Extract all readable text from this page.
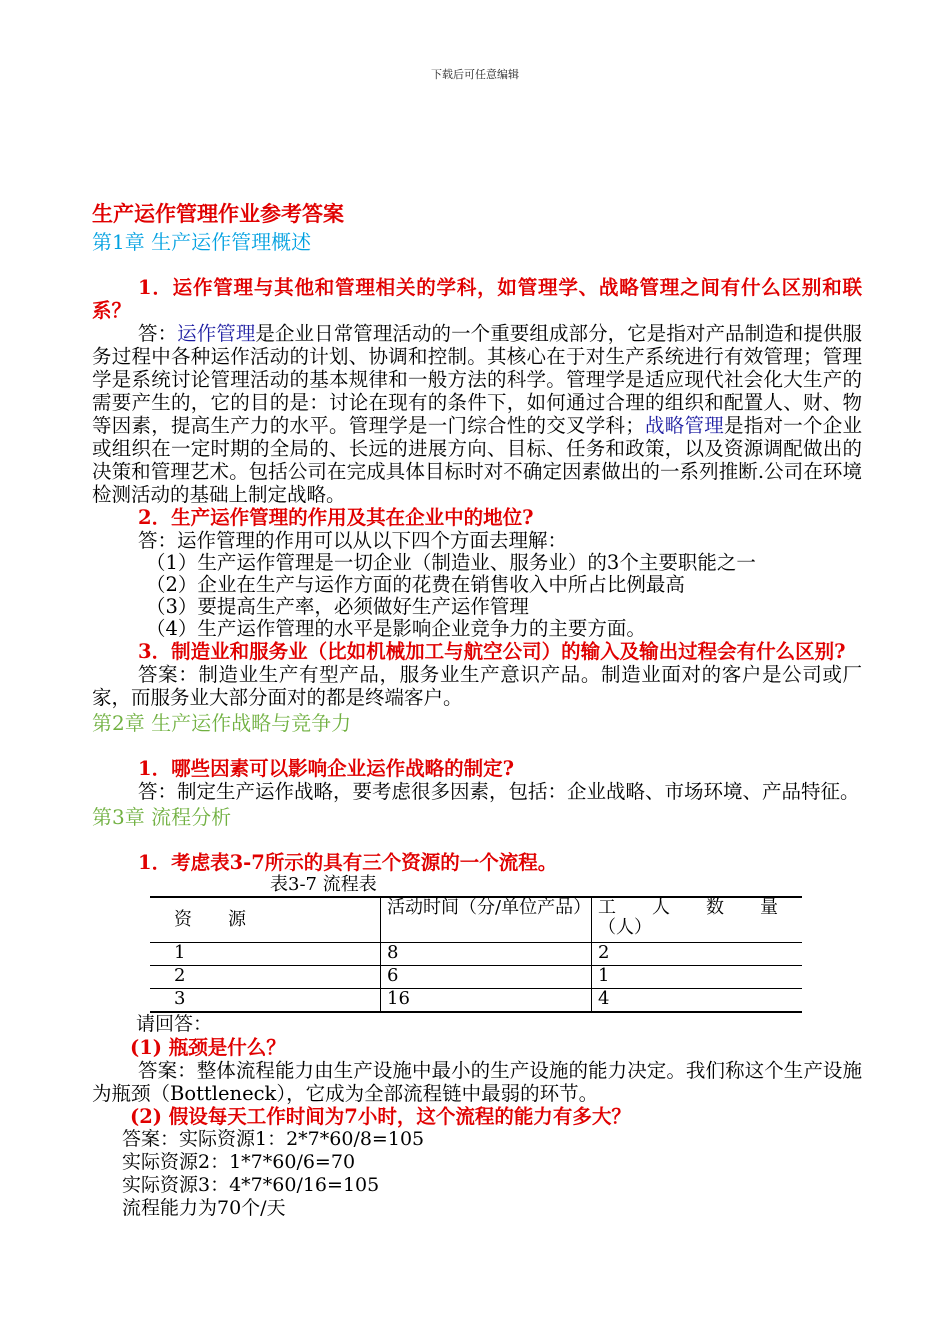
下载后可任意编辑

生产运作管理作业参考答案

第1章 生产运作管理概述

1．运作管理与其他和管理相关的学科，如管理学、战略管理之间有什么区别和联系？

答：运作管理是企业日常管理活动的一个重要组成部分，它是指对产品制造和提供服务过程中各种运作活动的计划、协调和控制。其核心在于对生产系统进行有效管理；管理学是系统讨论管理活动的基本规律和一般方法的科学。管理学是适应现代社会化大生产的需要产生的，它的目的是：讨论在现有的条件下，如何通过合理的组织和配置人、财、物等因素，提高生产力的水平。管理学是一门综合性的交叉学科；战略管理是指对一个企业或组织在一定时期的全局的、长远的进展方向、目标、任务和政策，以及资源调配做出的决策和管理艺术。包括公司在完成具体目标时对不确定因素做出的一系列推断.公司在环境检测活动的基础上制定战略。

2．生产运作管理的作用及其在企业中的地位?

答：运作管理的作用可以从以下四个方面去理解：

（1）生产运作管理是一切企业（制造业、服务业）的3个主要职能之一

（2）企业在生产与运作方面的花费在销售收入中所占比例最高

（3）要提高生产率，必须做好生产运作管理

（4）生产运作管理的水平是影响企业竞争力的主要方面。

3．制造业和服务业（比如机械加工与航空公司）的输入及输出过程会有什么区别?

答案：制造业生产有型产品，服务业生产意识产品。制造业面对的客户是公司或厂家，而服务业大部分面对的都是终端客户。

第2章 生产运作战略与竞争力

1．哪些因素可以影响企业运作战略的制定?

答：制定生产运作战略，要考虑很多因素，包括：企业战略、市场环境、产品特征。

第3章 流程分析

1．考虑表3-7所示的具有三个资源的一个流程。

表3-7 流程表

资　　源	活动时间（分/单位产品）	工　　人　　数　　量（人）
1	8	2
2	6	1
3	16	4

请回答：

(1) 瓶颈是什么？

答案：整体流程能力由生产设施中最小的生产设施的能力决定。我们称这个生产设施为瓶颈（Bottleneck），它成为全部流程链中最弱的环节。

(2) 假设每天工作时间为7小时，这个流程的能力有多大？

答案：实际资源1：2*7*60/8=105

实际资源2：1*7*60/6=70

实际资源3：4*7*60/16=105

流程能力为70个/天
